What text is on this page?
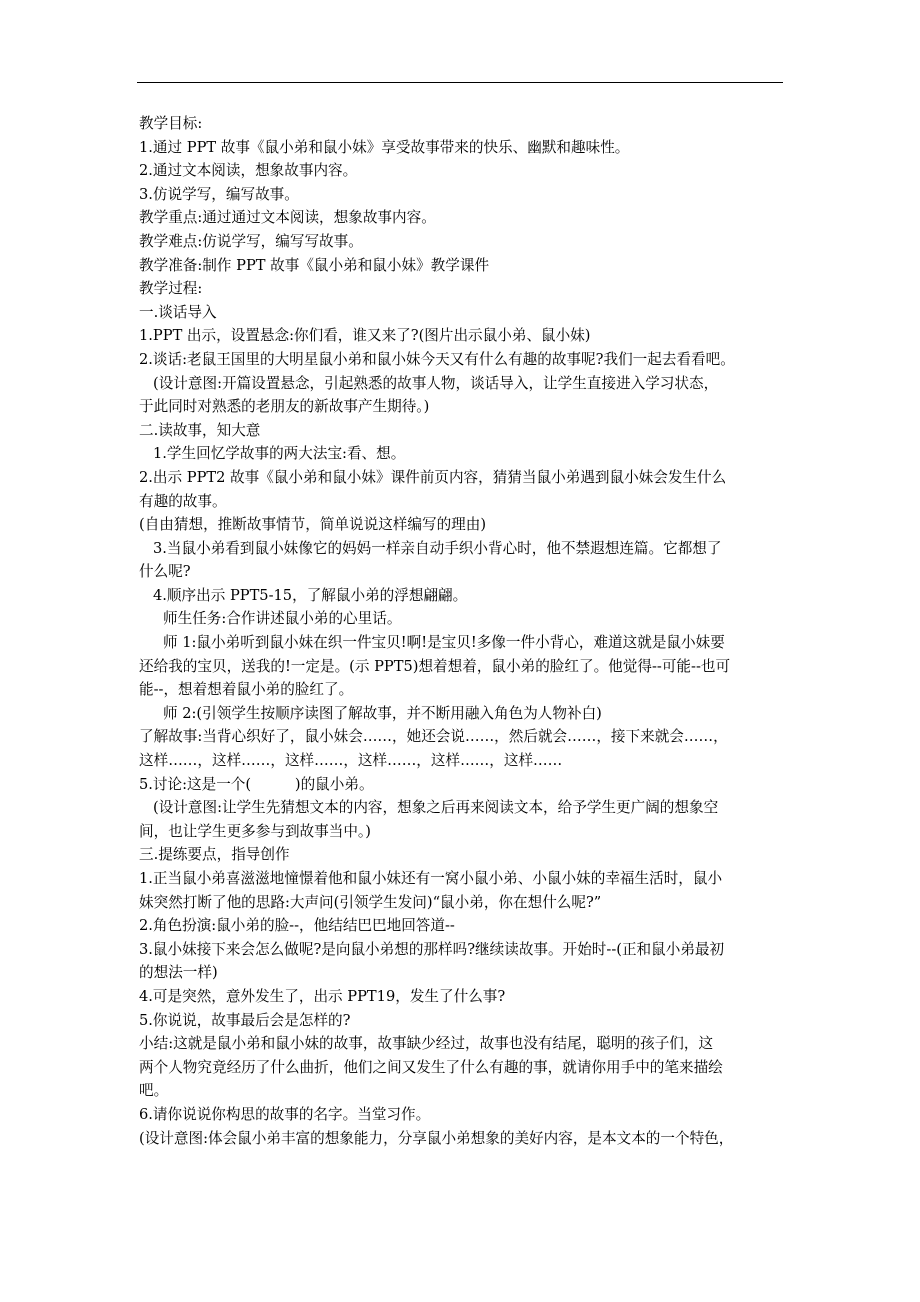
教学目标:
1.通过 PPT 故事《鼠小弟和鼠小妹》享受故事带来的快乐、幽默和趣味性。
2.通过文本阅读，想象故事内容。
3.仿说学写，编写故事。
教学重点:通过通过文本阅读，想象故事内容。
教学难点:仿说学写，编写写故事。
教学准备:制作 PPT 故事《鼠小弟和鼠小妹》教学课件
教学过程:
一.谈话导入
1.PPT 出示，设置悬念:你们看，谁又来了?(图片出示鼠小弟、鼠小妹)
2.谈话:老鼠王国里的大明星鼠小弟和鼠小妹今天又有什么有趣的故事呢?我们一起去看看吧。
(设计意图:开篇设置悬念，引起熟悉的故事人物，谈话导入，让学生直接进入学习状态，
于此同时对熟悉的老朋友的新故事产生期待。)
二.读故事，知大意
1.学生回忆学故事的两大法宝:看、想。
2.出示 PPT2 故事《鼠小弟和鼠小妹》课件前页内容，猜猜当鼠小弟遇到鼠小妹会发生什么
有趣的故事。
(自由猜想，推断故事情节，简单说说这样编写的理由)
3.当鼠小弟看到鼠小妹像它的妈妈一样亲自动手织小背心时，他不禁遐想连篇。它都想了
什么呢?
4.顺序出示 PPT5-15，了解鼠小弟的浮想翩翩。
师生任务:合作讲述鼠小弟的心里话。
师 1:鼠小弟听到鼠小妹在织一件宝贝!啊!是宝贝!多像一件小背心，难道这就是鼠小妹要
还给我的宝贝，送我的!一定是。(示 PPT5)想着想着，鼠小弟的脸红了。他觉得--可能--也可
能--，想着想着鼠小弟的脸红了。
师 2:(引领学生按顺序读图了解故事，并不断用融入角色为人物补白)
了解故事:当背心织好了，鼠小妹会……，她还会说……，然后就会……，接下来就会……，
这样……，这样……，这样……，这样……，这样……，这样……
5.讨论:这是一个(　　　)的鼠小弟。
(设计意图:让学生先猜想文本的内容，想象之后再来阅读文本，给予学生更广阔的想象空
间，也让学生更多参与到故事当中。)
三.提练要点，指导创作
1.正当鼠小弟喜滋滋地憧憬着他和鼠小妹还有一窝小鼠小弟、小鼠小妹的幸福生活时，鼠小
妹突然打断了他的思路:大声问(引领学生发问)“鼠小弟，你在想什么呢?”
2.角色扮演:鼠小弟的脸--，他结结巴巴地回答道--
3.鼠小妹接下来会怎么做呢?是向鼠小弟想的那样吗?继续读故事。开始时--(正和鼠小弟最初
的想法一样)
4.可是突然，意外发生了，出示 PPT19，发生了什么事?
5.你说说，故事最后会是怎样的?
小结:这就是鼠小弟和鼠小妹的故事，故事缺少经过，故事也没有结尾，聪明的孩子们，这
两个人物究竟经历了什么曲折，他们之间又发生了什么有趣的事，就请你用手中的笔来描绘
吧。
6.请你说说你构思的故事的名字。当堂习作。
(设计意图:体会鼠小弟丰富的想象能力，分享鼠小弟想象的美好内容，是本文本的一个特色，
